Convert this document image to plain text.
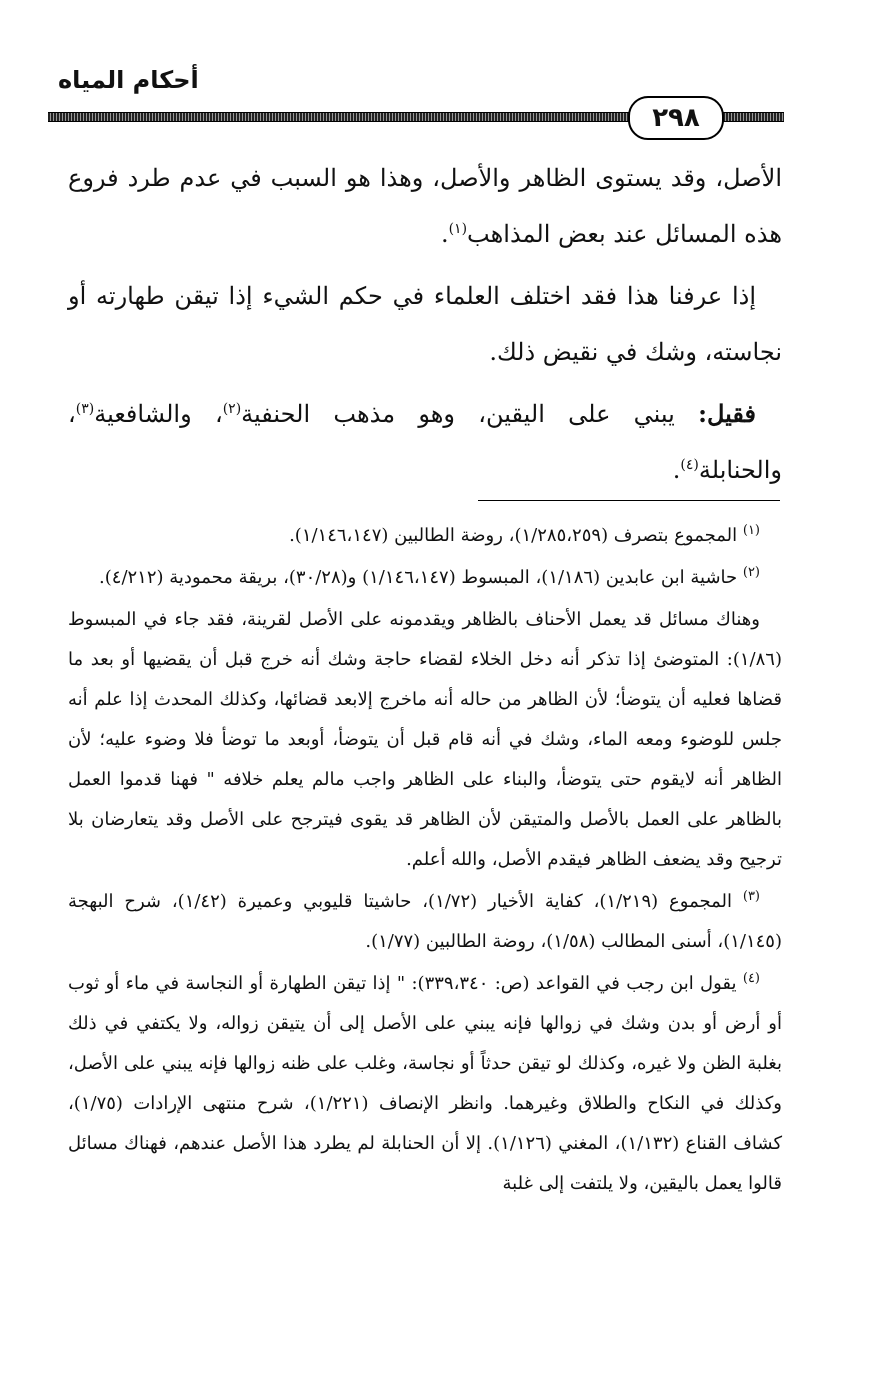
أحكام المياه
٢٩٨

الأصل، وقد يستوى الظاهر والأصل، وهذا هو السبب في عدم طرد فروع هذه المسائل عند بعض المذاهب$^{(١)}$.

إذا عرفنا هذا فقد اختلف العلماء في حكم الشيء إذا تيقن طهارته أو نجاسته، وشك في نقيض ذلك.

فقيل: يبني على اليقين، وهو مذهب الحنفية$^{(٢)}$، والشافعية$^{(٣)}$، والحنابلة$^{(٤)}$.

$^{(١)}$ المجموع بتصرف (١/٢٨٥،٢٥٩)، روضة الطالبين (١/١٤٦،١٤٧).

$^{(٢)}$ حاشية ابن عابدين (١/١٨٦)، المبسوط (١/١٤٦،١٤٧) و(٣٠/٢٨)، بريقة محمودية (٤/٢١٢).

وهناك مسائل قد يعمل الأحناف بالظاهر ويقدمونه على الأصل لقرينة، فقد جاء في المبسوط (١/٨٦): المتوضئ إذا تذكر أنه دخل الخلاء لقضاء حاجة وشك أنه خرج قبل أن يقضيها أو بعد ما قضاها فعليه أن يتوضأ؛ لأن الظاهر من حاله أنه ماخرج إلابعد قضائها، وكذلك المحدث إذا علم أنه جلس للوضوء ومعه الماء، وشك في أنه قام قبل أن يتوضأ، أوبعد ما توضأ فلا وضوء عليه؛ لأن الظاهر أنه لايقوم حتى يتوضأ، والبناء على الظاهر واجب مالم يعلم خلافه " فهنا قدموا العمل بالظاهر على العمل بالأصل والمتيقن لأن الظاهر قد يقوى فيترجح على الأصل وقد يتعارضان بلا ترجيح وقد يضعف الظاهر فيقدم الأصل، والله أعلم.

$^{(٣)}$ المجموع (١/٢١٩)، كفاية الأخيار (١/٧٢)، حاشيتا قليوبي وعميرة (١/٤٢)، شرح البهجة (١/١٤٥)، أسنى المطالب (١/٥٨)، روضة الطالبين (١/٧٧).

$^{(٤)}$ يقول ابن رجب في القواعد (ص: ٣٣٩،٣٤٠): " إذا تيقن الطهارة أو النجاسة في ماء أو ثوب أو أرض أو بدن وشك في زوالها فإنه يبني على الأصل إلى أن يتيقن زواله، ولا يكتفي في ذلك بغلبة الظن ولا غيره، وكذلك لو تيقن حدثاً أو نجاسة، وغلب على ظنه زوالها فإنه يبني على الأصل، وكذلك في النكاح والطلاق وغيرهما. وانظر الإنصاف (١/٢٢١)، شرح منتهى الإرادات (١/٧٥)، كشاف القناع (١/١٣٢)، المغني (١/١٢٦). إلا أن الحنابلة لم يطرد هذا الأصل عندهم، فهناك مسائل قالوا يعمل باليقين، ولا يلتفت إلى غلبة
